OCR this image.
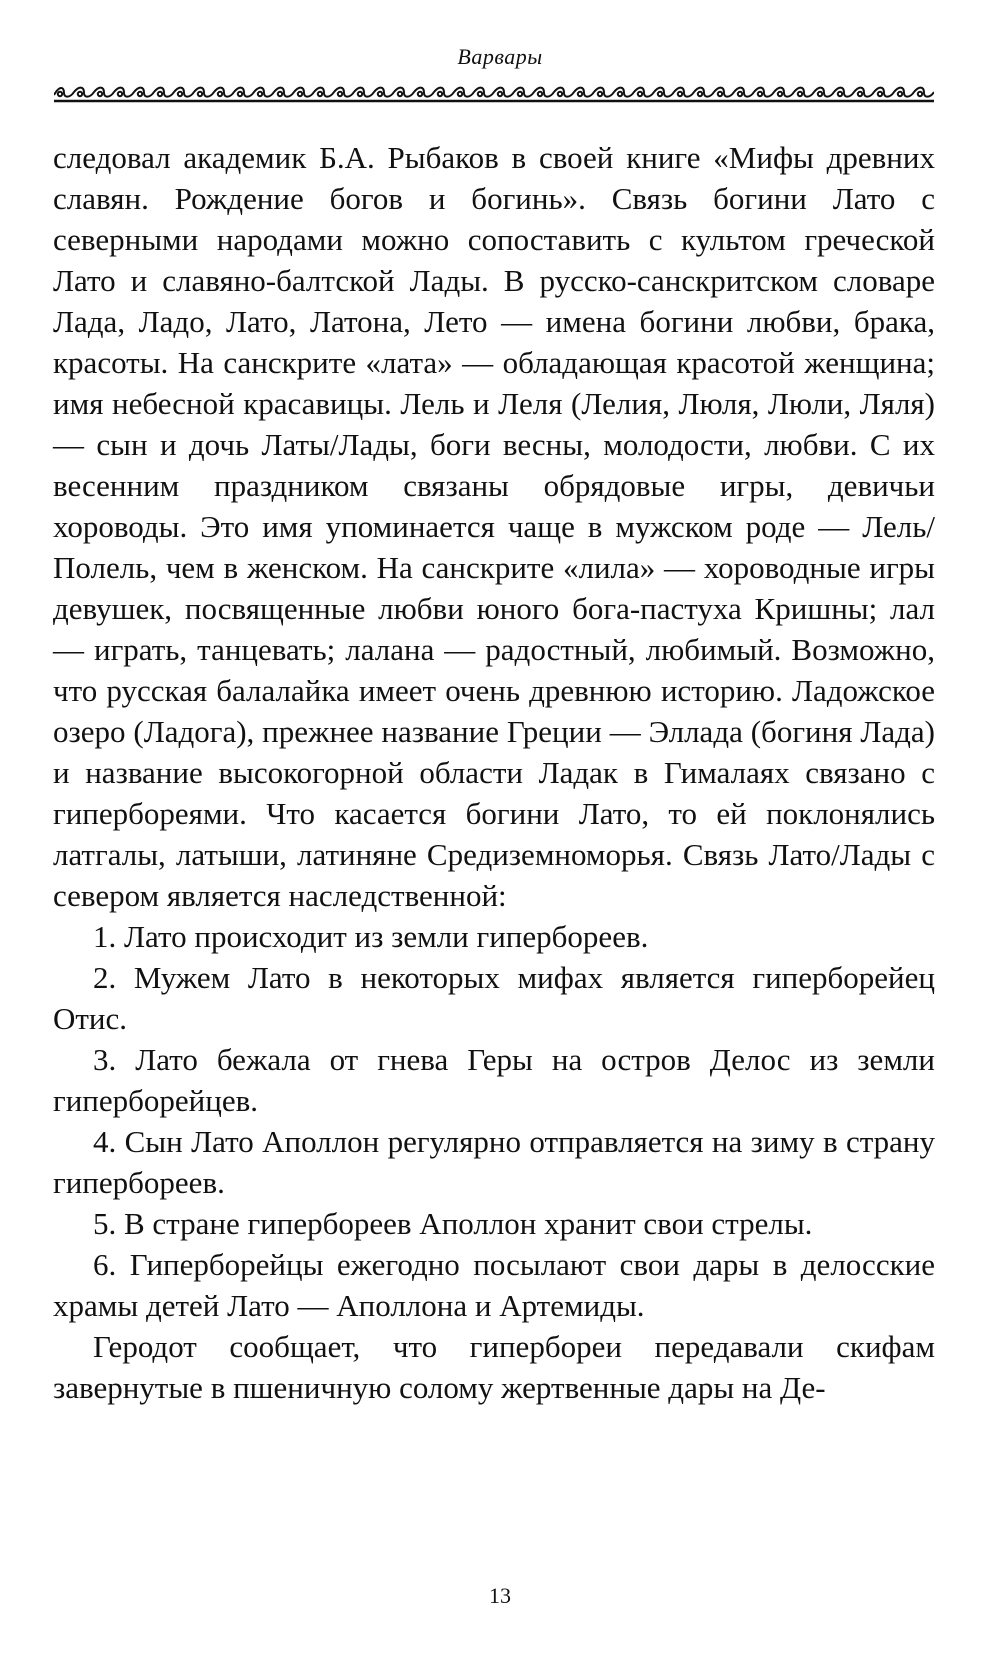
Варвары

следовал академик Б.А. Рыбаков в своей книге «Мифы древних славян. Рождение богов и богинь». Связь богини Лато с северными народами можно сопоставить с культом греческой Лато и славяно-балтской Лады. В русско-санскритском словаре Лада, Ладо, Лато, Латона, Лето — имена богини любви, брака, красоты. На санскрите «лата» — обладающая красотой женщина; имя небесной красавицы. Лель и Леля (Лелия, Люля, Люли, Ляля) — сын и дочь Латы/Лады, боги весны, молодости, любви. С их весенним праздником связаны обрядовые игры, девичьи хороводы. Это имя упоминается чаще в мужском роде — Лель/Полель, чем в женском. На санскрите «лила» — хороводные игры девушек, посвященные любви юного бога-пастуха Кришны; лал — играть, танцевать; лалана — радостный, любимый. Возможно, что русская балалайка имеет очень древнюю историю. Ладожское озеро (Ладога), прежнее название Греции — Эллада (богиня Лада) и название высокогорной области Ладак в Гималаях связано с гипербореями. Что касается богини Лато, то ей поклонялись латгалы, латыши, латиняне Средиземноморья. Связь Лато/Лады с севером является наследственной:

1. Лато происходит из земли гипербореев.

2. Мужем Лато в некоторых мифах является гиперборейец Отис.

3. Лато бежала от гнева Геры на остров Делос из земли гиперборейцев.

4. Сын Лато Аполлон регулярно отправляется на зиму в страну гипербореев.

5. В стране гипербореев Аполлон хранит свои стрелы.

6. Гиперборейцы ежегодно посылают свои дары в делосские храмы детей Лато — Аполлона и Артемиды.

Геродот сообщает, что гипербореи передавали скифам завернутые в пшеничную солому жертвенные дары на Де-

13
